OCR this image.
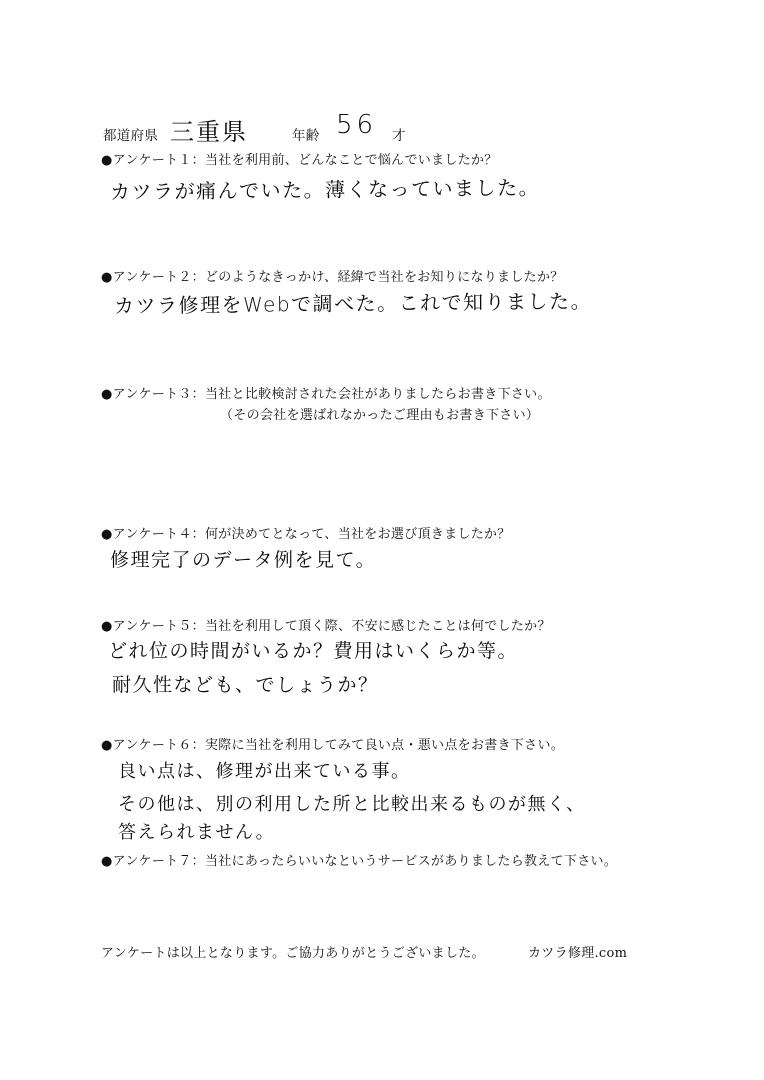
都道府県 三重県	年齢 56 才
●アンケート１：当社を利用前、どんなことで悩んでいましたか？
カツラが痛んでいた。薄くなっていました。
●アンケート２：どのようなきっかけ、経緯で当社をお知りになりましたか？
カツラ修理をWebで調べた。これで知りました。
●アンケート３：当社と比較検討された会社がありましたらお書き下さい。
（その会社を選ばれなかったご理由もお書き下さい）
●アンケート４：何が決めてとなって、当社をお選び頂きましたか？
修理完了のデータ例を見て。
●アンケート５：当社を利用して頂く際、不安に感じたことは何でしたか？
どれ位の時間がいるか？費用はいくらか等。
耐久性なども、でしょうか？
●アンケート６：実際に当社を利用してみて良い点・悪い点をお書き下さい。
良い点は、修理が出来ている事。
その他は、別の利用した所と比較出来るものが無く、
答えられません。
●アンケート７：当社にあったらいいなというサービスがありましたら教えて下さい。
アンケートは以上となります。ご協力ありがとうございました。	カツラ修理.com
